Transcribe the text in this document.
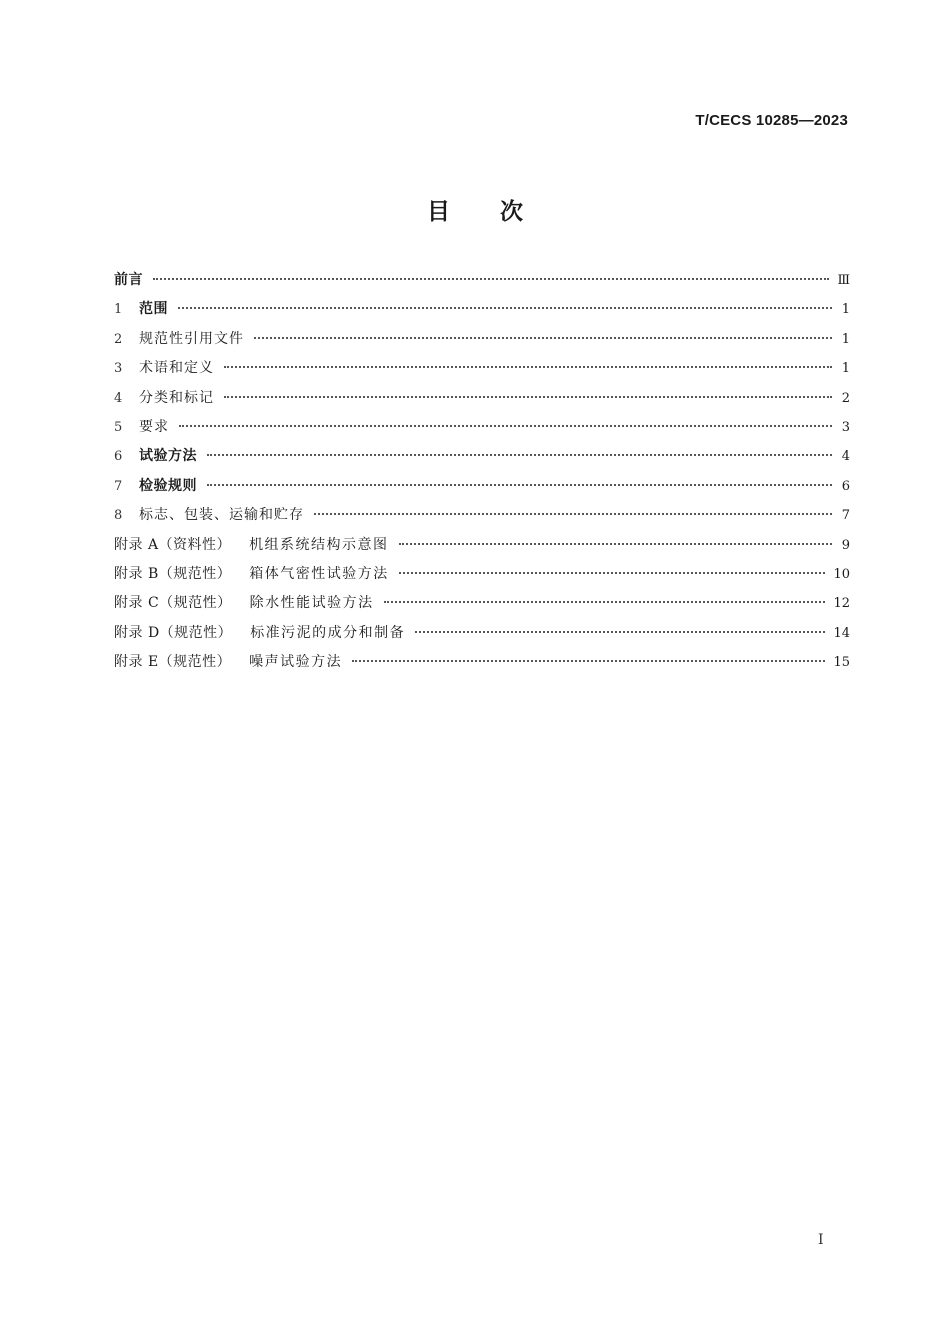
T/CECS 10285—2023
目次
前言	Ⅲ
1	范围	1
2	规范性引用文件	1
3	术语和定义	1
4	分类和标记	2
5	要求	3
6	试验方法	4
7	检验规则	6
8	标志、包装、运输和贮存	7
附录 A（资料性） 机组系统结构示意图	9
附录 B（规范性） 箱体气密性试验方法	10
附录 C（规范性） 除水性能试验方法	12
附录 D（规范性） 标准污泥的成分和制备	14
附录 E（规范性） 噪声试验方法	15
I
